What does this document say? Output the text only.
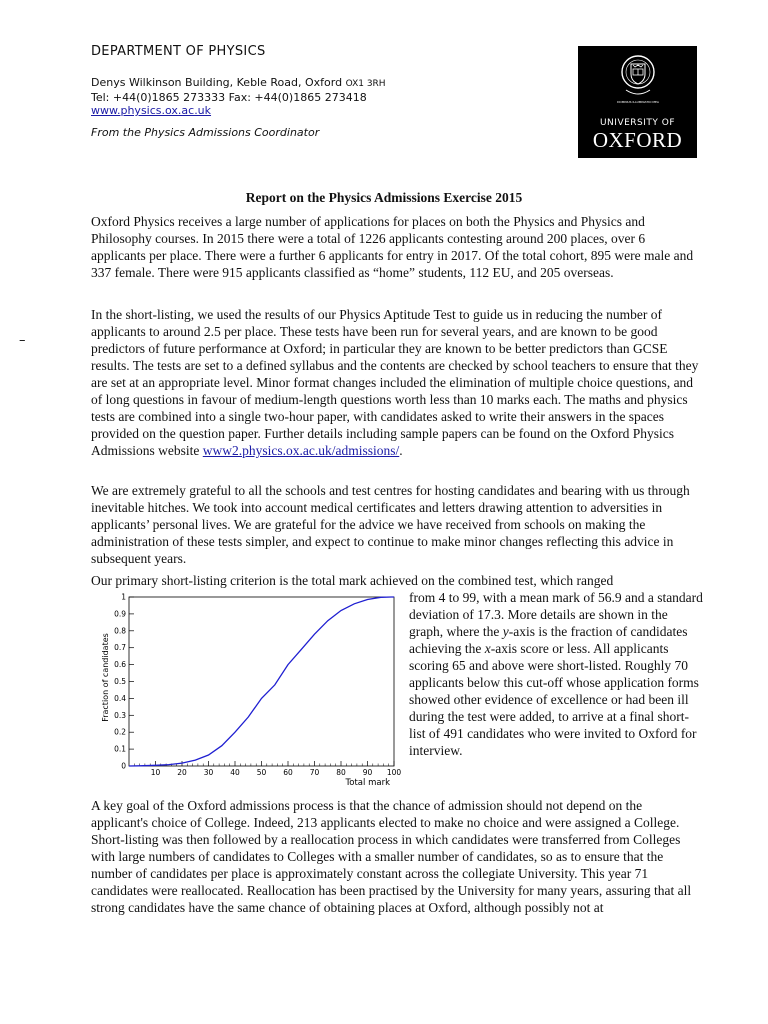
DEPARTMENT OF PHYSICS
Denys Wilkinson Building, Keble Road, Oxford OX1 3RH
Tel: +44(0)1865 273333 Fax: +44(0)1865 273418
www.physics.ox.ac.uk
From the Physics Admissions Coordinator
DOMINUS ILLUMINATIO MEA
UNIVERSITY OF
OXFORD
–
Report on the Physics Admissions Exercise 2015

Oxford Physics receives a large number of applications for places on both the Physics and Physics and Philosophy courses. In 2015 there were a total of 1226 applicants contesting around 200 places, over 6 applicants per place. There were a further 6 applicants for entry in 2017. Of the total cohort, 895 were male and 337 female. There were 915 applicants classified as “home” students, 112 EU, and 205 overseas.

In the short-listing, we used the results of our Physics Aptitude Test to guide us in reducing the number of applicants to around 2.5 per place. These tests have been run for several years, and are known to be good predictors of future performance at Oxford; in particular they are known to be better predictors than GCSE results. The tests are set to a defined syllabus and the contents are checked by school teachers to ensure that they are set at an appropriate level. Minor format changes included the elimination of multiple choice questions, and of long questions in favour of medium-length questions worth less than 10 marks each. The maths and physics tests are combined into a single two-hour paper, with candidates asked to write their answers in the spaces provided on the question paper. Further details including sample papers can be found on the Oxford Physics Admissions website www2.physics.ox.ac.uk/admissions/.

We are extremely grateful to all the schools and test centres for hosting candidates and bearing with us through inevitable hitches. We took into account medical certificates and letters drawing attention to adversities in applicants’ personal lives. We are grateful for the advice we have received from schools on making the administration of these tests simpler, and expect to continue to make minor changes reflecting this advice in subsequent years.

Our primary short-listing criterion is the total mark achieved on the combined test, which ranged
from 4 to 99, with a mean mark of 56.9 and a standard deviation of 17.3. More details are shown in the graph, where the y-axis is the fraction of candidates achieving the x-axis score or less. All applicants scoring 65 and above were short-listed. Roughly 70 applicants below this cut-off whose application forms showed other evidence of excellence or had been ill during the test were added, to arrive at a final short-list of 491 candidates who were invited to Oxford for interview.
10 20 30 40 50 60 70 80 90 100
0
0.1
0.2
0.3
0.4
0.5
0.6
0.7
0.8
0.9
1
Total mark
Fraction of candidates

A key goal of the Oxford admissions process is that the chance of admission should not depend on the applicant's choice of College. Indeed, 213 applicants elected to make no choice and were assigned a College. Short-listing was then followed by a reallocation process in which candidates were transferred from Colleges with large numbers of candidates to Colleges with a smaller number of candidates, so as to ensure that the number of candidates per place is approximately constant across the collegiate University. This year 71 candidates were reallocated. Reallocation has been practised by the University for many years, assuring that all strong candidates have the same chance of obtaining places at Oxford, although possibly not at
